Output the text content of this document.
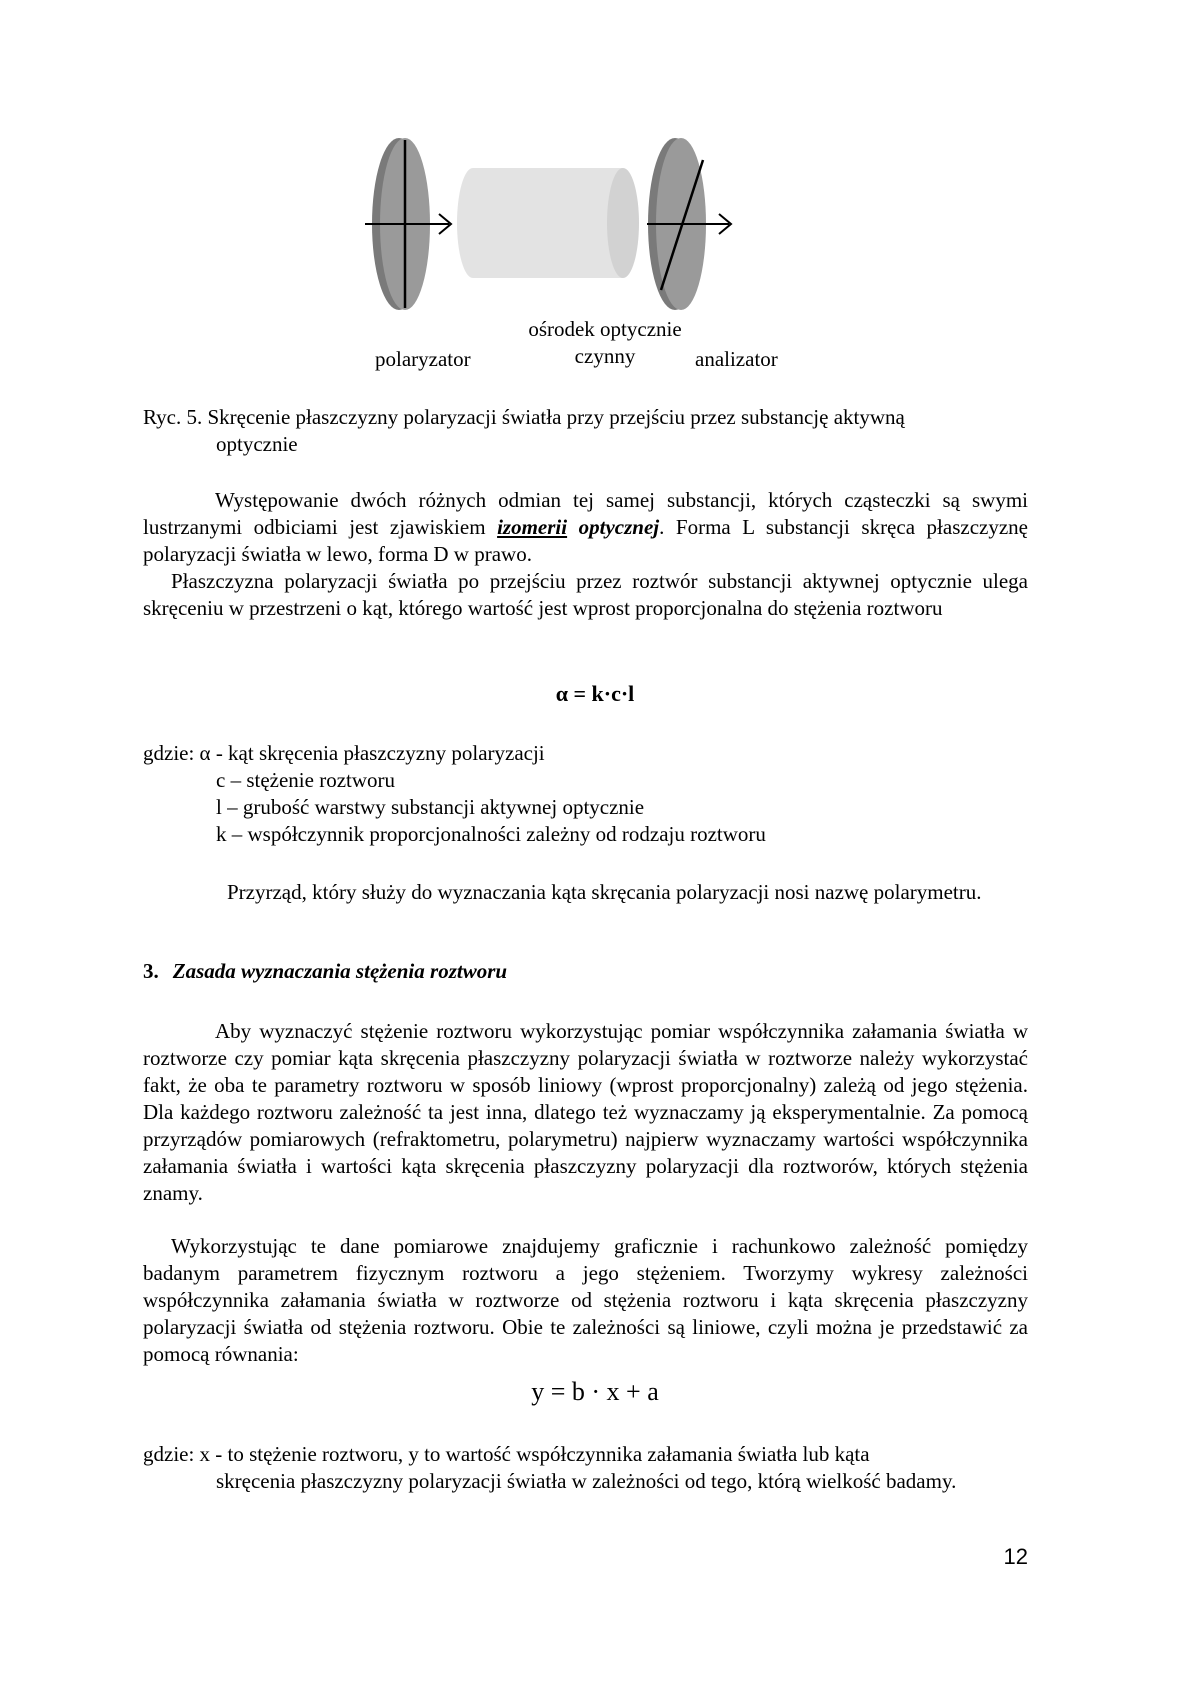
polaryzator
ośrodek optycznie
czynny	analizator
Ryc. 5. Skręcenie płaszczyzny polaryzacji światła przy przejściu przez substancję aktywną
optycznie
Występowanie dwóch różnych odmian tej samej substancji, których cząsteczki są swymi lustrzanymi odbiciami jest zjawiskiem izomerii optycznej. Forma L substancji skręca płaszczyznę polaryzacji światła w lewo, forma D w prawo.
Płaszczyzna polaryzacji światła po przejściu przez roztwór substancji aktywnej optycznie ulega skręceniu w przestrzeni o kąt, którego wartość jest wprost proporcjonalna do stężenia roztworu
α = k·c·l
gdzie: α - kąt skręcenia płaszczyzny polaryzacji
c – stężenie roztworu
l – grubość warstwy substancji aktywnej optycznie
k – współczynnik proporcjonalności zależny od rodzaju roztworu
Przyrząd, który służy do wyznaczania kąta skręcania polaryzacji nosi nazwę polarymetru.
3. Zasada wyznaczania stężenia roztworu
Aby wyznaczyć stężenie roztworu wykorzystując pomiar współczynnika załamania światła w roztworze czy pomiar kąta skręcenia płaszczyzny polaryzacji światła w roztworze należy wykorzystać fakt, że oba te parametry roztworu w sposób liniowy (wprost proporcjonalny) zależą od jego stężenia. Dla każdego roztworu zależność ta jest inna, dlatego też wyznaczamy ją eksperymentalnie. Za pomocą przyrządów pomiarowych (refraktometru, polarymetru) najpierw wyznaczamy wartości współczynnika załamania światła i wartości kąta skręcenia płaszczyzny polaryzacji dla roztworów, których stężenia znamy.
Wykorzystując te dane pomiarowe znajdujemy graficznie i rachunkowo zależność pomiędzy badanym parametrem fizycznym roztworu a jego stężeniem. Tworzymy wykresy zależności współczynnika załamania światła w roztworze od stężenia roztworu i kąta skręcenia płaszczyzny polaryzacji światła od stężenia roztworu. Obie te zależności są liniowe, czyli można je przedstawić za pomocą równania:
y = b · x + a
gdzie: x - to stężenie roztworu, y to wartość współczynnika załamania światła lub kąta
skręcenia płaszczyzny polaryzacji światła w zależności od tego, którą wielkość badamy.
12
